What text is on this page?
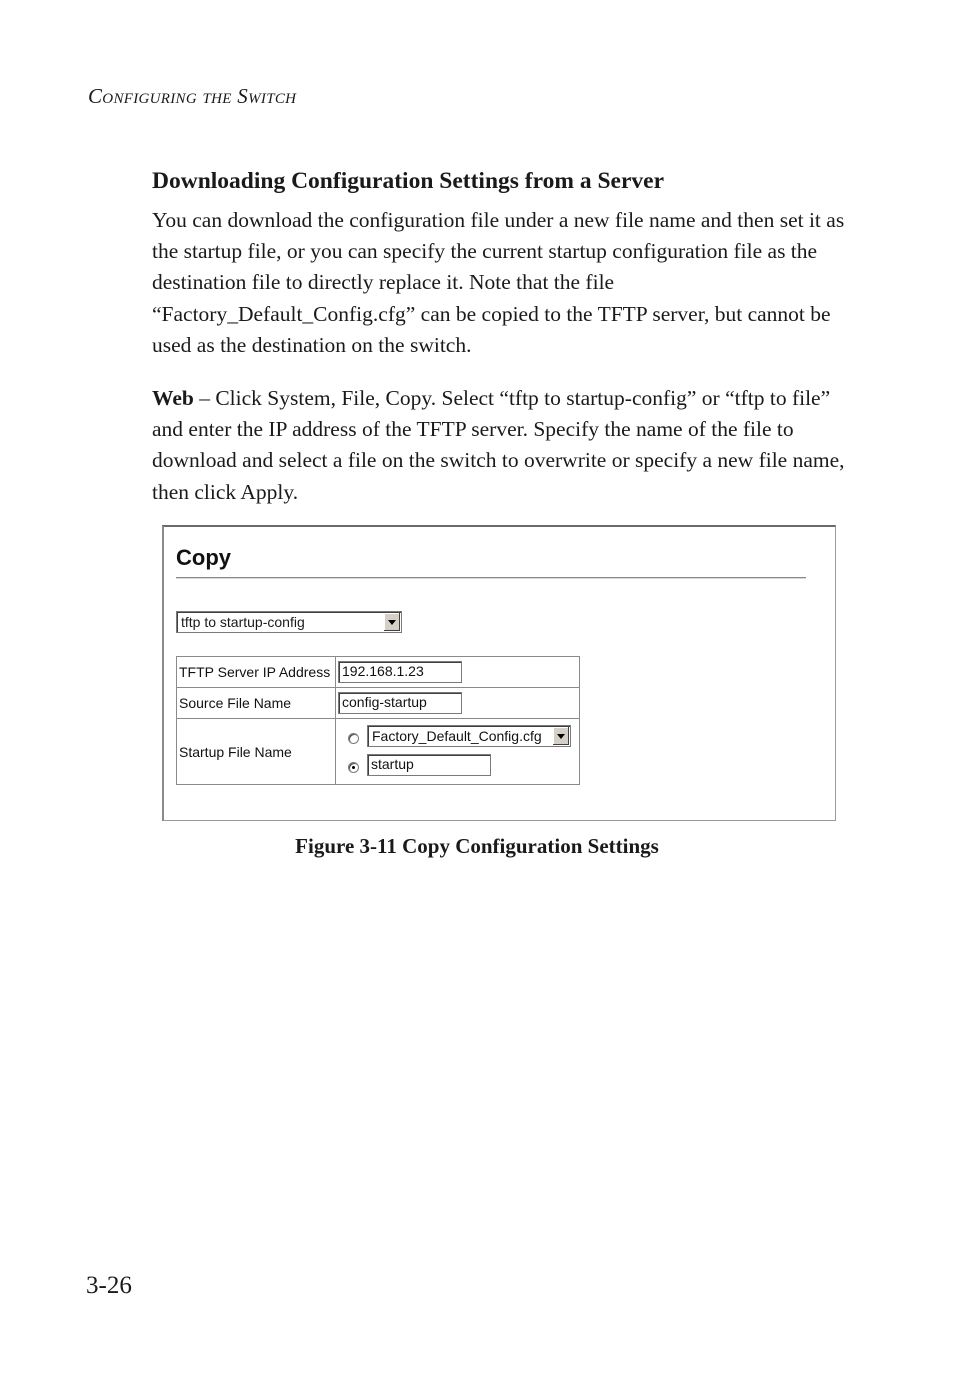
Configuring the Switch
Downloading Configuration Settings from a Server

You can download the configuration file under a new file name and then set it as the startup file, or you can specify the current startup configuration file as the destination file to directly replace it. Note that the file “Factory_Default_Config.cfg” can be copied to the TFTP server, but cannot be used as the destination on the switch.

Web – Click System, File, Copy. Select “tftp to startup-config” or “tftp to file” and enter the IP address of the TFTP server. Specify the name of the file to download and select a file on the switch to overwrite or specify a new file name, then click Apply.

Copy
tftp to startup-config
TFTP Server IP Address 192.168.1.23
Source File Name	config-startup
Startup File Name
Factory_Default_Config.cfg
startup
Figure 3-11 Copy Configuration Settings
3-26
